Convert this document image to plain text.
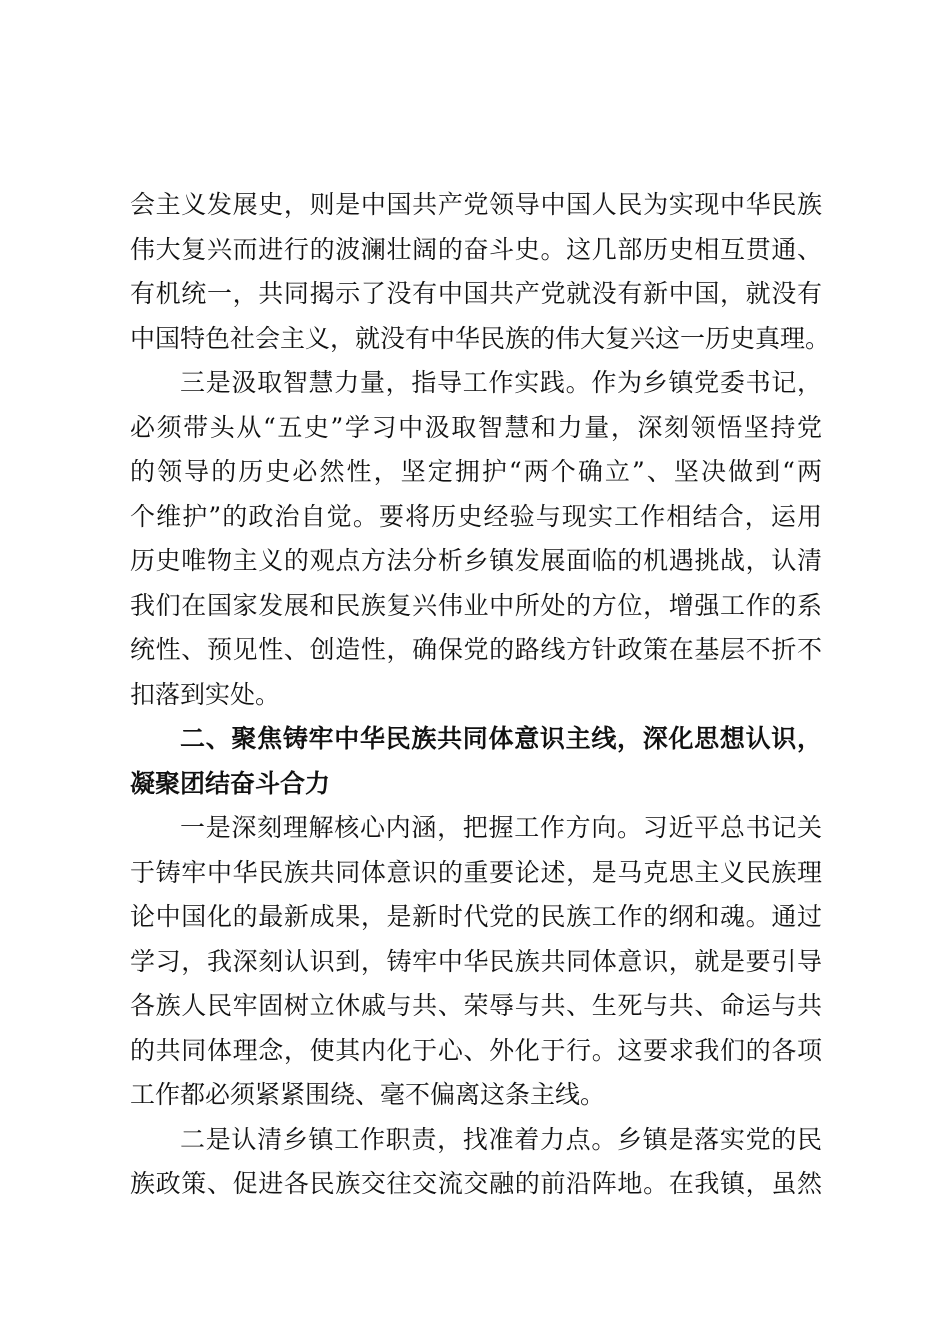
会主义发展史，则是中国共产党领导中国人民为实现中华民族
伟大复兴而进行的波澜壮阔的奋斗史。这几部历史相互贯通、
有机统一，共同揭示了没有中国共产党就没有新中国，就没有
中国特色社会主义，就没有中华民族的伟大复兴这一历史真理。
三是汲取智慧力量，指导工作实践。作为乡镇党委书记，
必须带头从“五史”学习中汲取智慧和力量，深刻领悟坚持党
的领导的历史必然性，坚定拥护“两个确立”、坚决做到“两
个维护”的政治自觉。要将历史经验与现实工作相结合，运用
历史唯物主义的观点方法分析乡镇发展面临的机遇挑战，认清
我们在国家发展和民族复兴伟业中所处的方位，增强工作的系
统性、预见性、创造性，确保党的路线方针政策在基层不折不
扣落到实处。
二、聚焦铸牢中华民族共同体意识主线，深化思想认识，
凝聚团结奋斗合力
一是深刻理解核心内涵，把握工作方向。习近平总书记关
于铸牢中华民族共同体意识的重要论述，是马克思主义民族理
论中国化的最新成果，是新时代党的民族工作的纲和魂。通过
学习，我深刻认识到，铸牢中华民族共同体意识，就是要引导
各族人民牢固树立休戚与共、荣辱与共、生死与共、命运与共
的共同体理念，使其内化于心、外化于行。这要求我们的各项
工作都必须紧紧围绕、毫不偏离这条主线。
二是认清乡镇工作职责，找准着力点。乡镇是落实党的民
族政策、促进各民族交往交流交融的前沿阵地。在我镇，虽然
